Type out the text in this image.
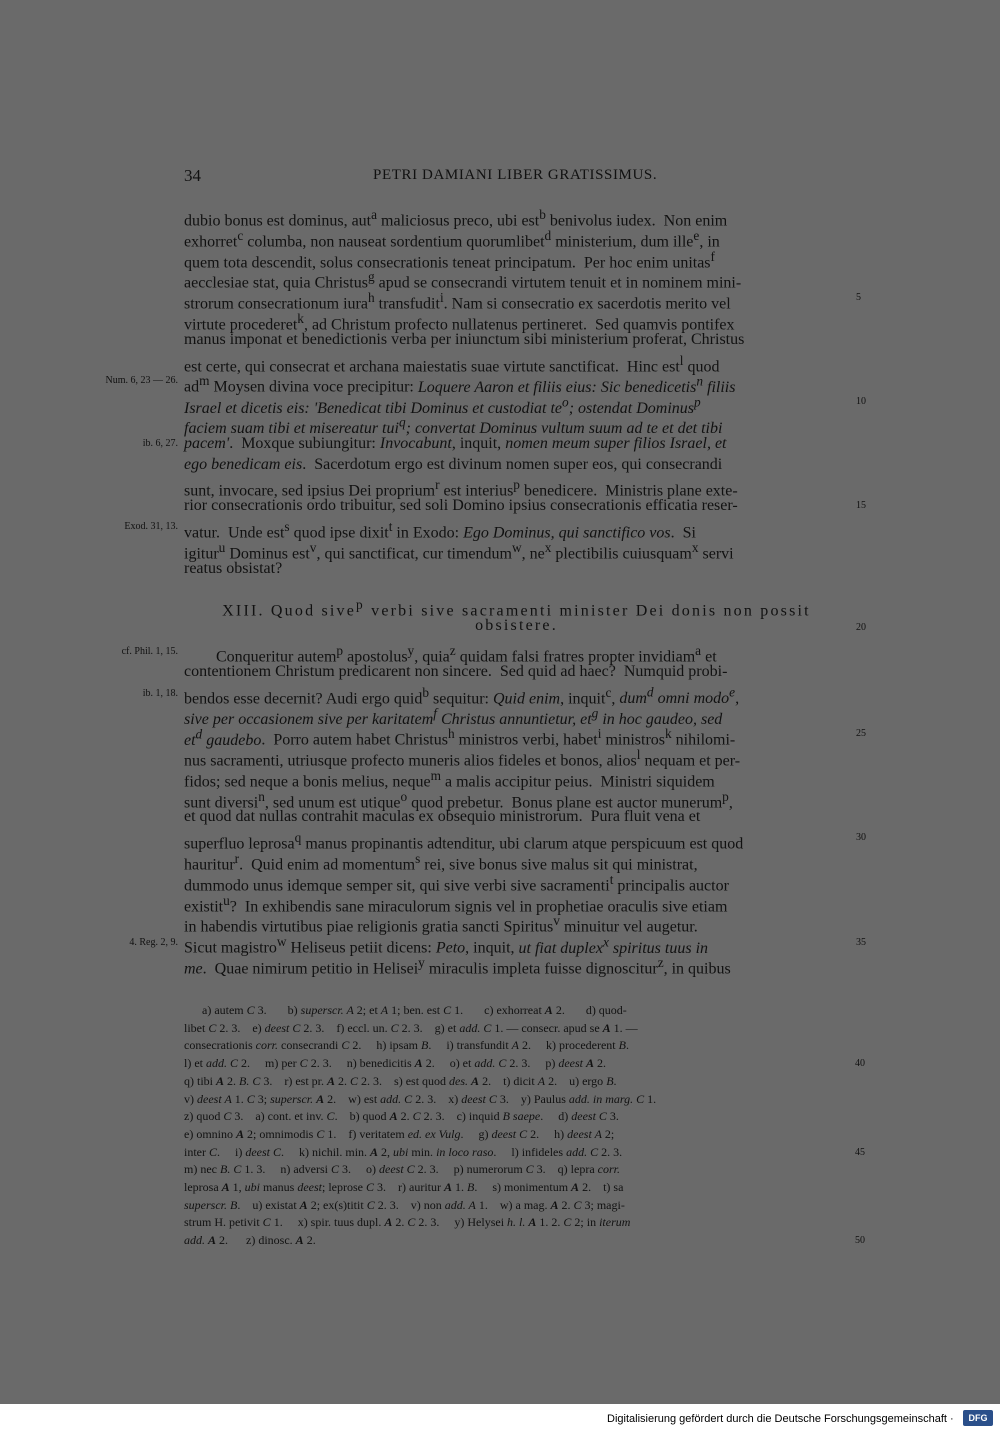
34	PETRI DAMIANI LIBER GRATISSIMUS.
dubio bonus est dominus, aut$^a$ maliciosus preco, ubi est$^b$ benivolus iudex.  Non enim
exhorret$^c$ columba, non nauseat sordentium quorumlibet$^d$ ministerium, dum ille$^e$, in
quem tota descendit, solus consecrationis teneat principatum.  Per hoc enim unitas$^f$
aecclesiae stat, quia Christus$^g$ apud se consecrandi virtutem tenuit et in nominem mini-
strorum consecrationum iura$^h$ transfudit$^i$. Nam si consecratio ex sacerdotis merito vel
virtute procederet$^k$, ad Christum profecto nullatenus pertineret.  Sed quamvis pontifex
manus imponat et benedictionis verba per iniunctum sibi ministerium proferat, Christus
est certe, qui consecrat et archana maiestatis suae virtute sanctificat.  Hinc est$^l$ quod
$ad^m$ Moysen divina voce precipitur: Loquere Aaron et filiis eius: Sic benedicetis$^n$ filiis
Israel et dicetis eis: 'Benedicat tibi Dominus et custodiat $te^o$; ostendat Dominus$^p$
faciem suam tibi et misereatur tui$^q$; convertat Dominus vultum suum ad te et det tibi
pacem'.  Moxque subiungitur: Invocabunt, inquit, nomen meum super filios Israel, et
ego benedicam eis.  Sacerdotum ergo est divinum nomen super eos, qui consecrandi
sunt, invocare, sed ipsius Dei proprium$^r$ est interius$^p$ benedicere.  Ministris plane exte-
rior consecrationis ordo tribuitur, sed soli Domino ipsius consecrationis efficatia reser-
vatur.  Unde est$^s$ quod ipse dixit$^t$ in Exodo: Ego Dominus, qui sanctifico vos.  Si
igitur$^u$ Dominus est$^v$, qui sanctificat, cur timendum$^w$, $ne^x$ plectibilis cuiusquam$^x$ servi
reatus obsistat?
XIII. Quod sive$^p$ verbi sive sacramenti minister Dei donis non possit
obsistere.
Conqueritur autem$^p$ apostolus$^y$, quia$^z$ quidam falsi fratres propter invidiam$^a$ et
contentionem Christum predicarent non sincere.  Sed quid ad haec?  Numquid probi-
bendos esse decernit? Audi ergo quid$^b$ sequitur: Quid enim, inquit$^c$, dum$^d$ omni modo$^e$,
sive per occasionem sive per karitatem$^f$ Christus annuntietur, $et^g$ in hoc gaudeo, sed
$et^d$ gaudebo.  Porro autem habet Christus$^h$ ministros verbi, habet$^i$ ministros$^k$ nihilomi-
nus sacramenti, utriusque profecto muneris alios fideles et bonos, alios$^l$ nequam et per-
fidos; sed neque a bonis melius, neque$^m$ a malis accipitur peius.  Ministri siquidem
sunt diversi$^n$, sed unum est utique$^o$ quod prebetur.  Bonus plane est auctor munerum$^p$,
et quod dat nullas contrahit maculas ex obsequio ministrorum.  Pura fluit vena et
superfluo leprosa$^q$ manus propinantis adtenditur, ubi clarum atque perspicuum est quod
hauritur$^r$.  Quid enim ad momentum$^s$ rei, sive bonus sive malus sit qui ministrat,
dummodo unus idemque semper sit, qui sive verbi sive sacramenti$^t$ principalis auctor
existit$^u$?  In exhibendis sane miraculorum signis vel in prophetiae oraculis sive etiam
in habendis virtutibus piae religionis gratia sancti Spiritus$^v$ minuitur vel augetur.
Sicut magistro$^w$ Heliseus petiit dicens: Peto, inquit, ut fiat duplex$^x$ spiritus tuus in
me.  Quae nimirum petitio in Helisei$^y$ miraculis impleta fuisse dignoscitur$^z$, in quibus
a) autem C 3.       b) superscr. A 2; et A 1; ben. est C 1.       c) exhorreat A 2.       d) quod-
libet C 2. 3.    e) deest C 2. 3.    f) eccl. un. C 2. 3.    g) et add. C 1. — consecr. apud se A 1. —
consecrationis corr. consecrandi C 2.     h) ipsam B.     i) transfundit A 2.     k) procederent B.
l) et add. C 2.     m) per C 2. 3.     n) benedicitis A 2.     o) et add. C 2. 3.     p) deest A 2.
q) tibi A 2. B. C 3.    r) est pr. A 2. C 2. 3.    s) est quod des. A 2.    t) dicit A 2.    u) ergo B.
v) deest A 1. C 3; superscr. A 2.    w) est add. C 2. 3.    x) deest C 3.    y) Paulus add. in marg. C 1.
z) quod C 3.    a) cont. et inv. C.    b) quod A 2. C 2. 3.    c) inquid B saepe.     d) deest C 3.
e) omnino A 2; omnimodis C 1.    f) veritatem ed. ex Vulg.     g) deest C 2.     h) deest A 2;
inter C.     i) deest C.     k) nichil. min. A 2, ubi min. in loco raso.     l) infideles add. C 2. 3.
m) nec B. C 1. 3.     n) adversi C 3.     o) deest C 2. 3.     p) numerorum C 3.    q) lepra corr.
leprosa A 1, ubi manus deest; leprose C 3.    r) auritur A 1. B.     s) monimentum A 2.    t) sa
superscr. B.    u) existat A 2; ex(s)titit C 2. 3.    v) non add. A 1.    w) a mag. A 2. C 3; magi-
strum H. petivit C 1.     x) spir. tuus dupl. A 2. C 2. 3.     y) Helysei h. l. A 1. 2. C 2; in iterum
add. A 2.      z) dinosc. A 2.
Num. 6, 23 — 26.
ib. 6, 27.
Exod. 31, 13.
cf. Phil. 1, 15.
ib. 1, 18.
4. Reg. 2, 9.
5
10
15
20
25
30
35
40
45
50
Digitalisierung gefördert durch die Deutsche Forschungsgemeinschaft ·	DFG
